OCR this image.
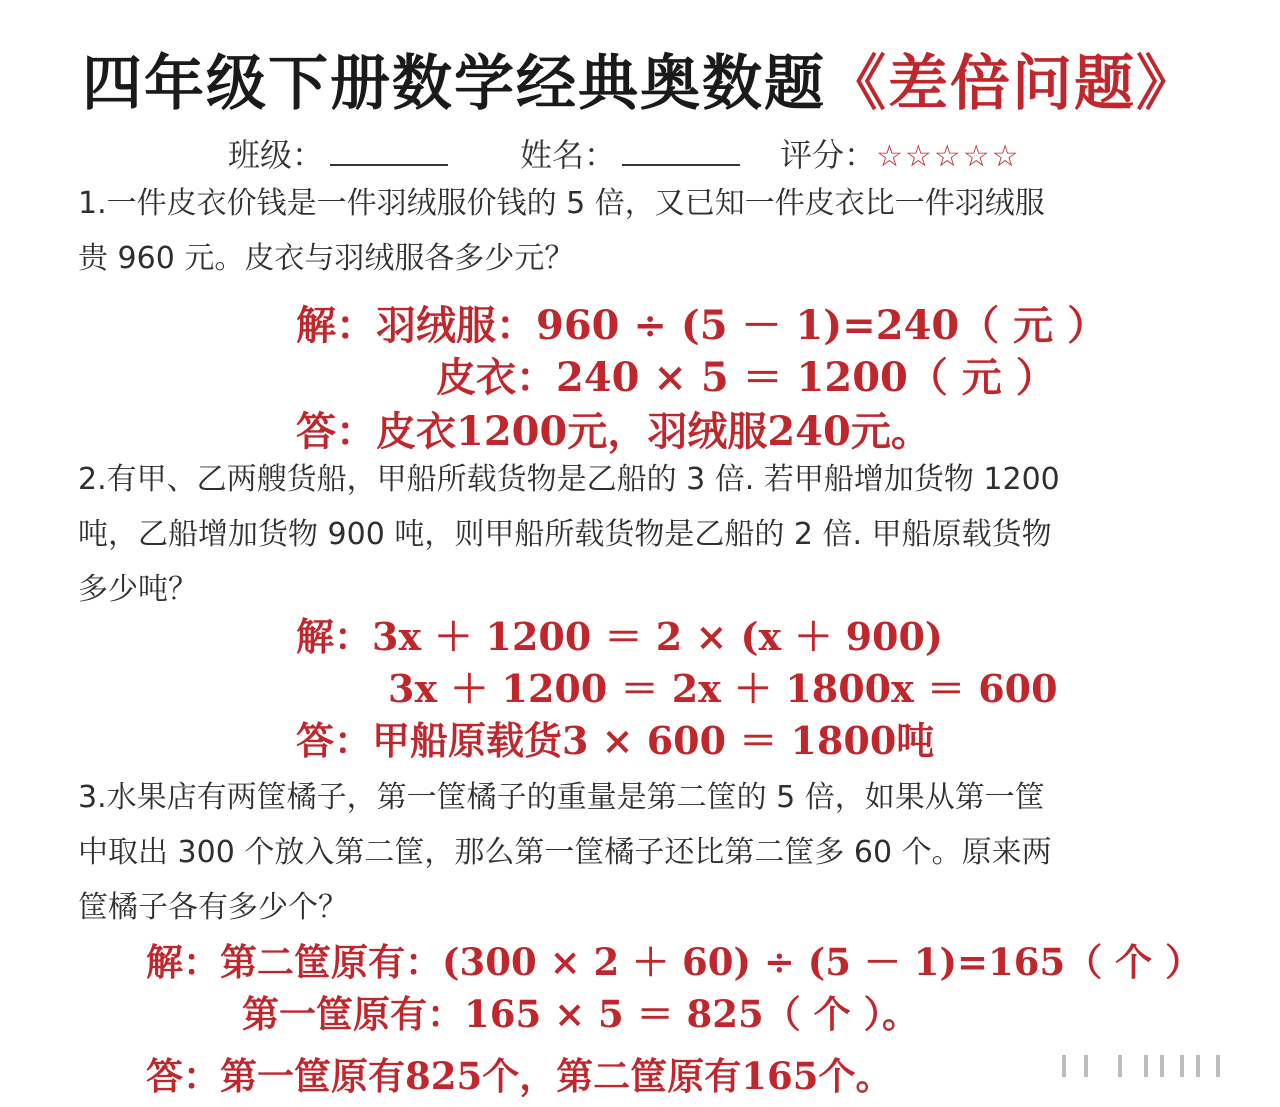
四年级下册数学经典奥数题《差倍问题》
班级：	姓名：	评分：☆☆☆☆☆
1.一件皮衣价钱是一件羽绒服价钱的 5 倍，又已知一件皮衣比一件羽绒服
贵 960 元。皮衣与羽绒服各多少元？
解：羽绒服：960 ÷ (5 － 1)=240（ 元 ）
皮衣：240 × 5 ＝ 1200（ 元 ）
答：皮衣1200元，羽绒服240元。
2.有甲、乙两艘货船，甲船所载货物是乙船的 3 倍. 若甲船增加货物 1200
吨，乙船增加货物 900 吨，则甲船所载货物是乙船的 2 倍. 甲船原载货物
多少吨？
解：3x ＋ 1200 ＝ 2 × (x ＋ 900)
3x ＋ 1200 ＝ 2x ＋ 1800x ＝ 600
答：甲船原载货3 × 600 ＝ 1800吨
3.水果店有两筐橘子，第一筐橘子的重量是第二筐的 5 倍，如果从第一筐
中取出 300 个放入第二筐，那么第一筐橘子还比第二筐多 60 个。原来两
筐橘子各有多少个？
解：第二筐原有：(300 × 2 ＋ 60) ÷ (5 － 1)=165（ 个 ）
第一筐原有：165 × 5 ＝ 825（ 个 ）。
答：第一筐原有825个，第二筐原有165个。
